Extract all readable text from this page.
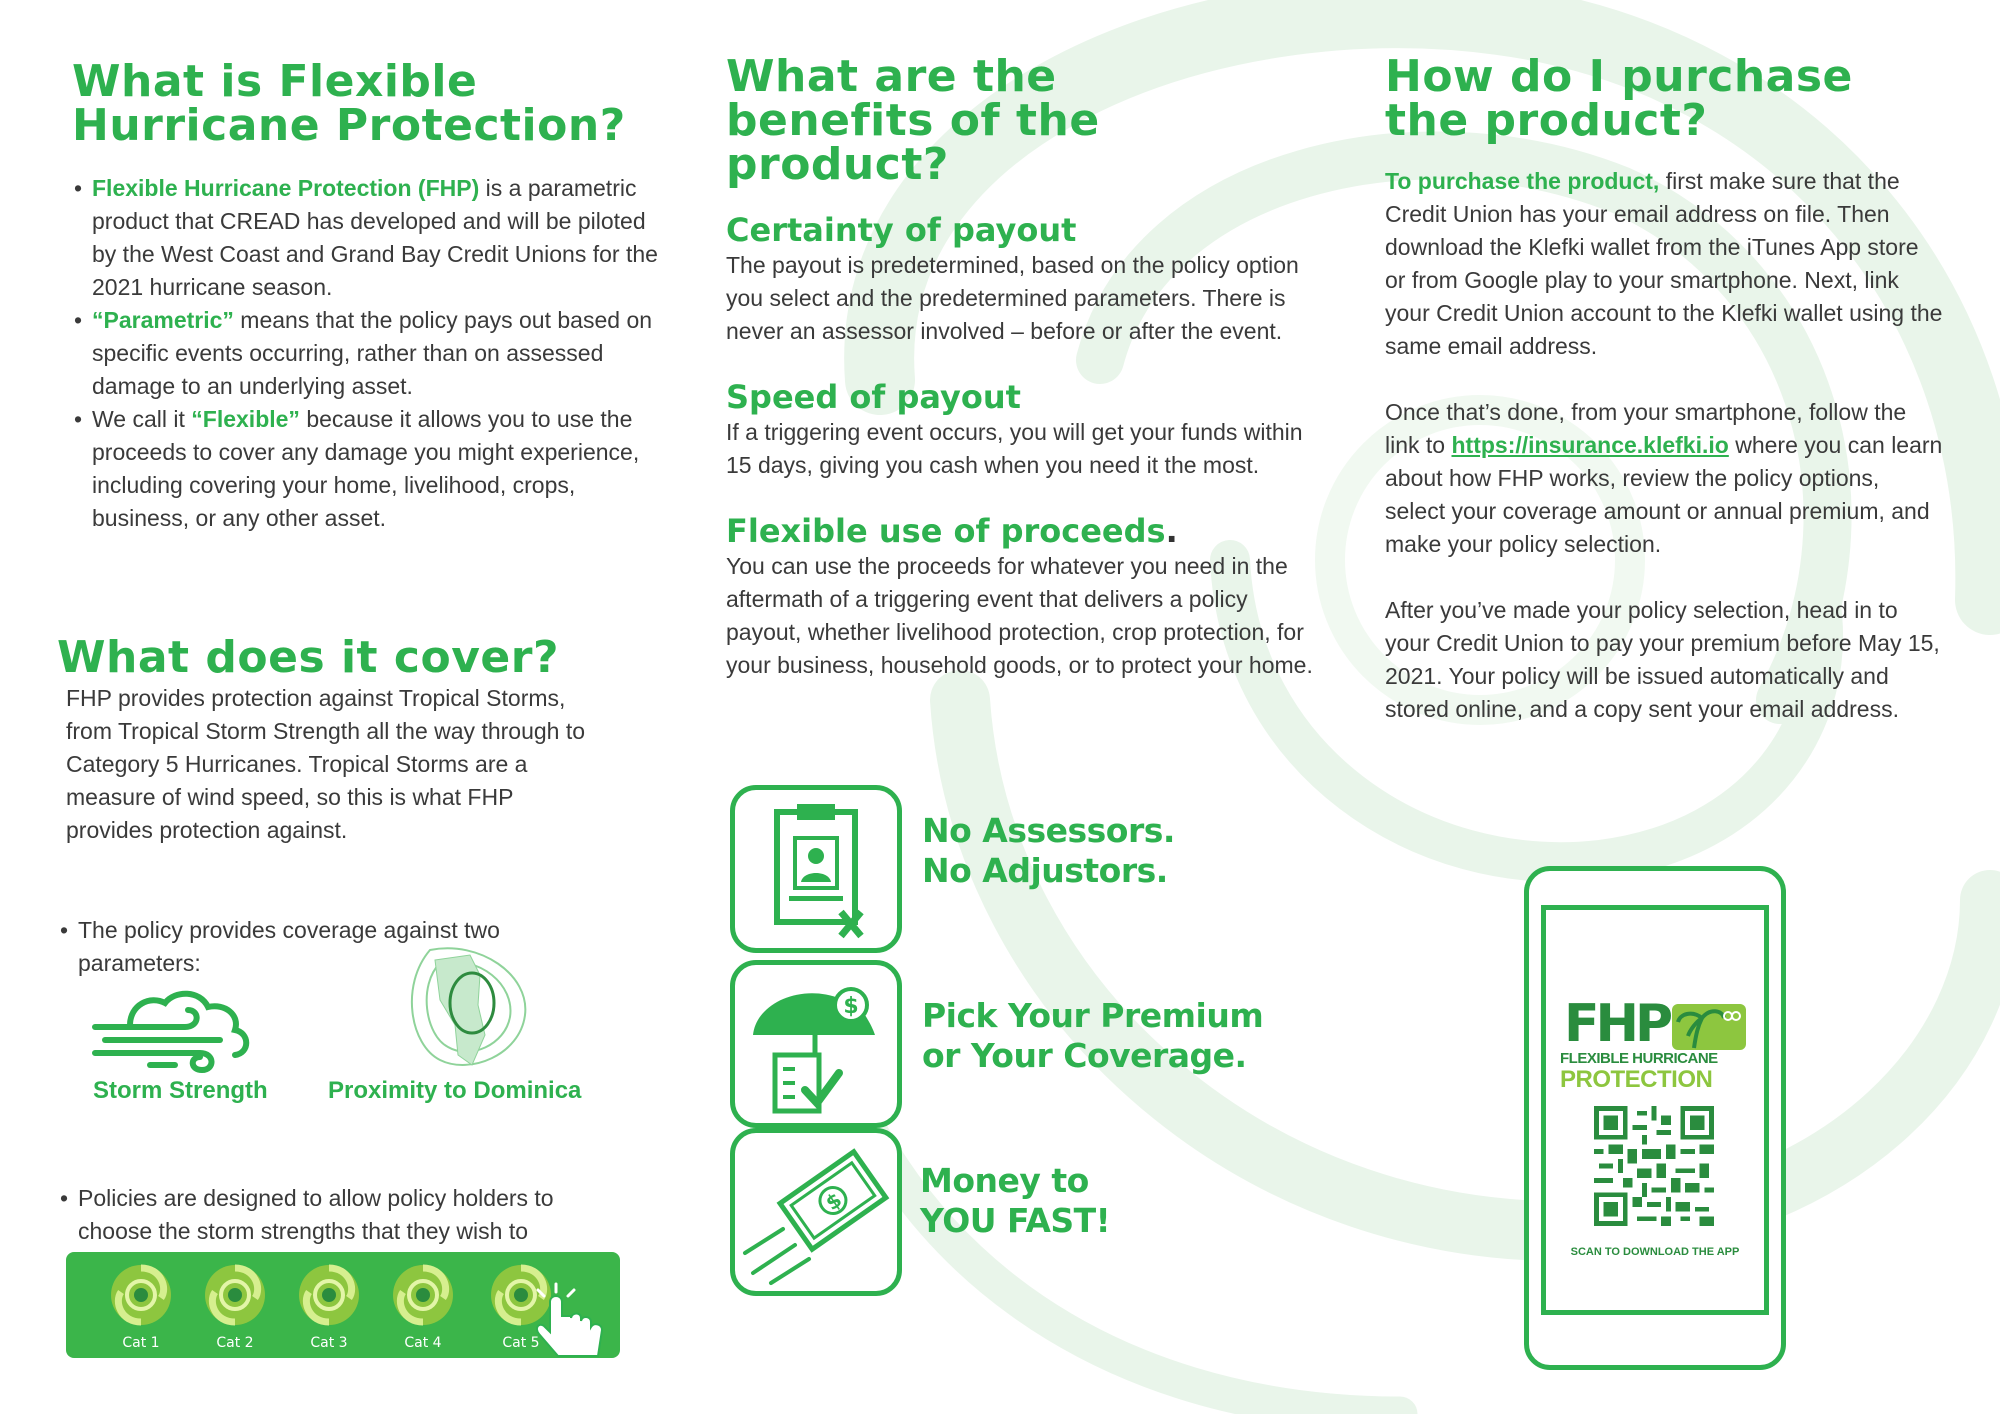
What is Flexible Hurricane Protection?
• Flexible Hurricane Protection (FHP) is a parametric product that CREAD has developed and will be piloted by the West Coast and Grand Bay Credit Unions for the 2021 hurricane season.
• “Parametric” means that the policy pays out based on specific events occurring, rather than on assessed damage to an underlying asset.
• We call it “Flexible” because it allows you to use the proceeds to cover any damage you might experience, including covering your home, livelihood, crops, business, or any other asset.
What does it cover?

FHP provides protection against Tropical Storms, from Tropical Storm Strength all the way through to Category 5 Hurricanes. Tropical Storms are a measure of wind speed, so this is what FHP provides protection against.

• The policy provides coverage against two parameters:

Storm Strength	Proximity to Dominica

• Policies are designed to allow policy holders to choose the storm strengths that they wish to

Cat 1	Cat 2	Cat 3	Cat 4	Cat 5
What are the benefits of the product?
Certainty of payout

The payout is predetermined, based on the policy option you select and the predetermined parameters. There is never an assessor involved – before or after the event.

Speed of payout

If a triggering event occurs, you will get your funds within 15 days, giving you cash when you need it the most.

Flexible use of proceeds.

You can use the proceeds for whatever you need in the aftermath of a triggering event that delivers a policy payout, whether livelihood protection, crop protection, for your business, household goods, or to protect your home.

No Assessors.
No Adjustors.
$ Pick Your Premium
or Your Coverage.
$
Money to
YOU FAST!
How do I purchase the product?

To purchase the product, first make sure that the Credit Union has your email address on file. Then download the Klefki wallet from the iTunes App store or from Google play to your smartphone. Next, link your Credit Union account to the Klefki wallet using the same email address.

Once that’s done, from your smartphone, follow the link to https://insurance.klefki.io where you can learn about how FHP works, review the policy options, select your coverage amount or annual premium, and make your policy selection.

After you’ve made your policy selection, head in to your Credit Union to pay your premium before May 15, 2021. Your policy will be issued automatically and stored online, and a copy sent your email address.

FHP
FLEXIBLE HURRICANE
PROTECTION
SCAN TO DOWNLOAD THE APP
